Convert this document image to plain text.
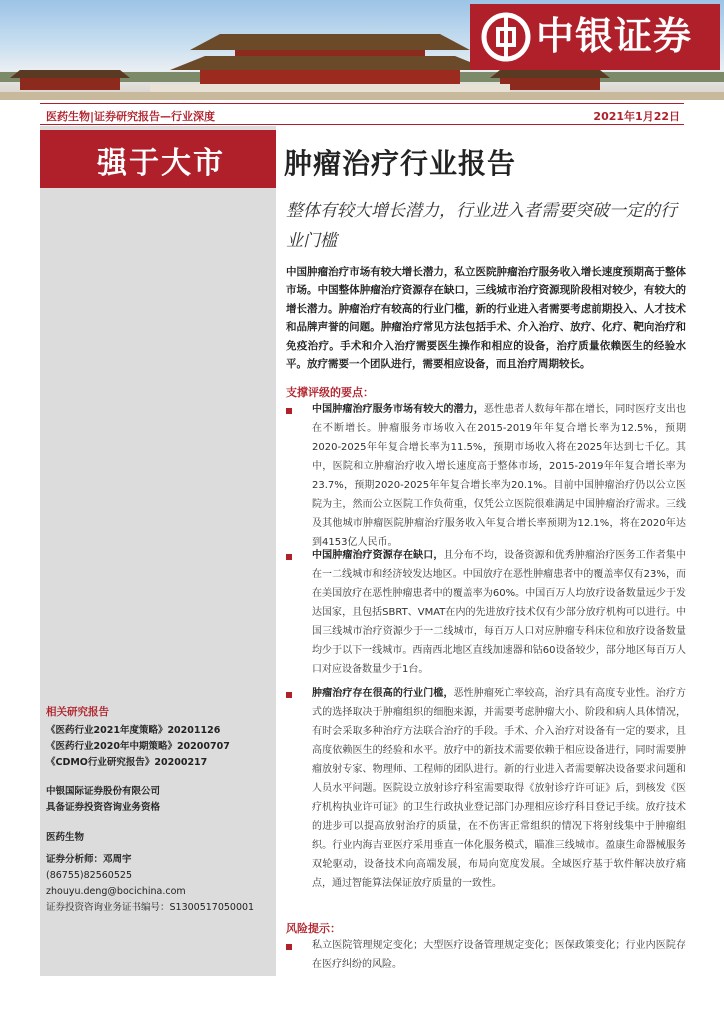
中银证券
医药生物|证券研究报告—行业深度	2021年1月22日
强于大市
相关研究报告
《医药行业2021年度策略》20201126
《医药行业2020年中期策略》20200707
《CDMO行业研究报告》20200217
中银国际证券股份有限公司
具备证券投资咨询业务资格
医药生物
证券分析师：邓周宇
(86755)82560525
zhouyu.deng@bocichina.com
证券投资咨询业务证书编号：S1300517050001
肿瘤治疗行业报告
整体有较大增长潜力，行业进入者需要突破一定的行业门槛
中国肿瘤治疗市场有较大增长潜力，私立医院肿瘤治疗服务收入增长速度预期高于整体市场。中国整体肿瘤治疗资源存在缺口，三线城市治疗资源现阶段相对较少，有较大的增长潜力。肿瘤治疗有较高的行业门槛，新的行业进入者需要考虑前期投入、人才技术和品牌声誉的问题。肿瘤治疗常见方法包括手术、介入治疗、放疗、化疗、靶向治疗和免疫治疗。手术和介入治疗需要医生操作和相应的设备，治疗质量依赖医生的经验水平。放疗需要一个团队进行，需要相应设备，而且治疗周期较长。
支撑评级的要点：
中国肿瘤治疗服务市场有较大的潜力，恶性患者人数每年都在增长，同时医疗支出也在不断增长。肿瘤服务市场收入在2015-2019年年复合增长率为12.5%，预期2020-2025年年复合增长率为11.5%，预期市场收入将在2025年达到七千亿。其中，医院和立肿瘤治疗收入增长速度高于整体市场，2015-2019年年复合增长率为23.7%，预期2020-2025年年复合增长率为20.1%。目前中国肿瘤治疗仍以公立医院为主，然而公立医院工作负荷重，仅凭公立医院很难满足中国肿瘤治疗需求。三线及其他城市肿瘤医院肿瘤治疗服务收入年复合增长率预期为12.1%，将在2020年达到4153亿人民币。
中国肿瘤治疗资源存在缺口，且分布不均，设备资源和优秀肿瘤治疗医务工作者集中在一二线城市和经济较发达地区。中国放疗在恶性肿瘤患者中的覆盖率仅有23%，而在美国放疗在恶性肿瘤患者中的覆盖率为60%。中国百万人均放疗设备数量远少于发达国家，且包括SBRT、VMAT在内的先进放疗技术仅有少部分放疗机构可以进行。中国三线城市治疗资源少于一二线城市，每百万人口对应肿瘤专科床位和放疗设备数量均少于以下一线城市。西南西北地区直线加速器和钴60设备较少，部分地区每百万人口对应设备数量少于1台。
肿瘤治疗存在很高的行业门槛，恶性肿瘤死亡率较高，治疗具有高度专业性。治疗方式的选择取决于肿瘤组织的细胞来源，并需要考虑肿瘤大小、阶段和病人具体情况，有时会采取多种治疗方法联合治疗的手段。手术、介入治疗对设备有一定的要求，且高度依赖医生的经验和水平。放疗中的新技术需要依赖于相应设备进行，同时需要肿瘤放射专家、物理师、工程师的团队进行。新的行业进入者需要解决设备要求问题和人员水平问题。医院设立放射诊疗科室需要取得《放射诊疗许可证》后，到核发《医疗机构执业许可证》的卫生行政执业登记部门办理相应诊疗科目登记手续。放疗技术的进步可以提高放射治疗的质量，在不伤害正常组织的情况下将射线集中于肿瘤组织。行业内海吉亚医疗采用垂直一体化服务模式，瞄准三线城市。盈康生命器械服务双轮驱动，设备技术向高端发展，布局向宽度发展。全域医疗基于软件解决放疗痛点，通过智能算法保证放疗质量的一致性。
风险提示：
私立医院管理规定变化；大型医疗设备管理规定变化；医保政策变化；行业内医院存在医疗纠纷的风险。
